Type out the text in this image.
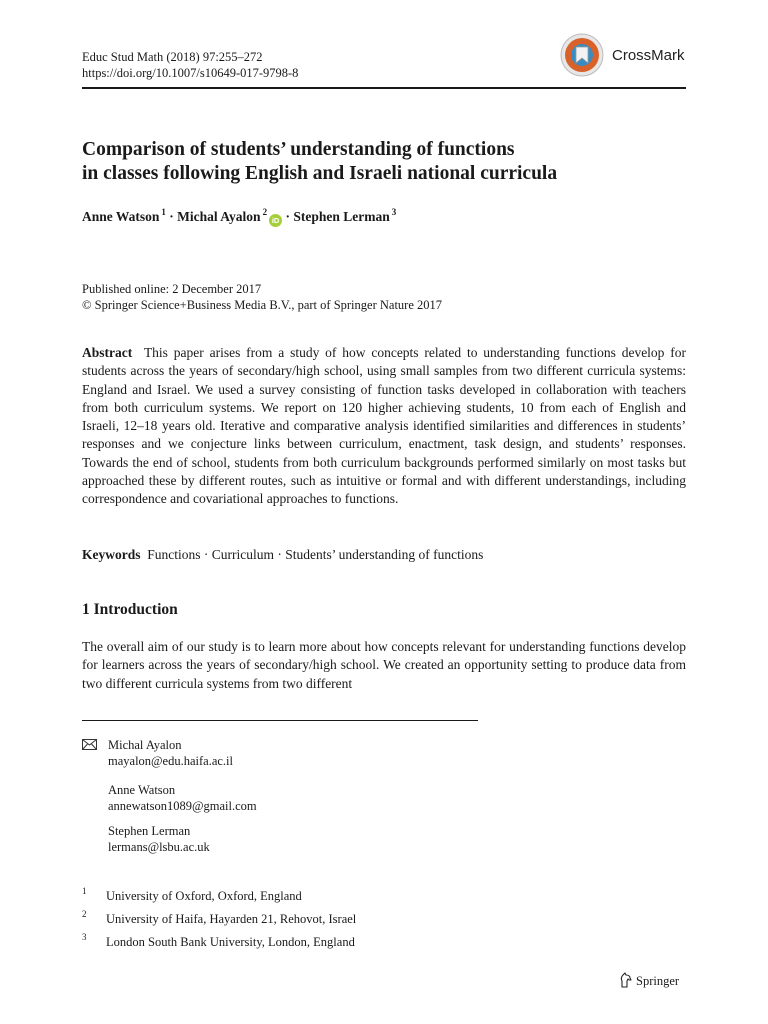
Educ Stud Math (2018) 97:255–272
https://doi.org/10.1007/s10649-017-9798-8
CrossMark
Comparison of students’ understanding of functions
in classes following English and Israeli national curricula
Anne Watson $^1$ · Michal Ayalon $^2$iD · Stephen Lerman $^3$
Published online: 2 December 2017
© Springer Science+Business Media B.V., part of Springer Nature 2017
Abstract This paper arises from a study of how concepts related to understanding functions develop for students across the years of secondary/high school, using small samples from two different curricula systems: England and Israel. We used a survey consisting of function tasks developed in collaboration with teachers from both curriculum systems. We report on 120 higher achieving students, 10 from each of English and Israeli, 12–18 years old. Iterative and comparative analysis identified similarities and differences in students’ responses and we conjecture links between curriculum, enactment, task design, and students’ responses. Towards the end of school, students from both curriculum backgrounds performed similarly on most tasks but approached these by different routes, such as intuitive or formal and with different understandings, including correspondence and covariational approaches to functions.
Keywords Functions · Curriculum · Students’ understanding of functions
1 Introduction
The overall aim of our study is to learn more about how concepts relevant for understanding functions develop for learners across the years of secondary/high school. We created an opportunity setting to produce data from two different curricula systems from two different
Michal Ayalon
mayalon@edu.haifa.ac.il
Anne Watson
annewatson1089@gmail.com
Stephen Lerman
lermans@lsbu.ac.uk
1 University of Oxford, Oxford, England
2 University of Haifa, Hayarden 21, Rehovot, Israel
3 London South Bank University, London, England
Springer
